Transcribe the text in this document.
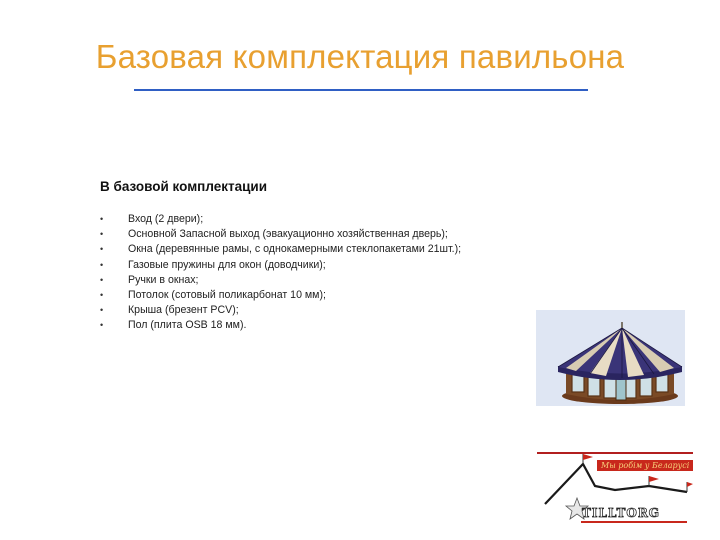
Базовая комплектация павильона
В базовой комплектации
• Вход (2 двери);
• Основной Запасной выход (эвакуационно хозяйственная дверь);
• Окна (деревянные рамы, с однокамерными стеклопакетами 21шт.);
• Газовые пружины для окон (доводчики);
• Ручки в окнах;
• Потолок (сотовый поликарбонат 10 мм);
• Крыша (брезент PCV);
• Пол (плита OSB 18 мм).
Мы робім у Беларусі
TILLTORG
